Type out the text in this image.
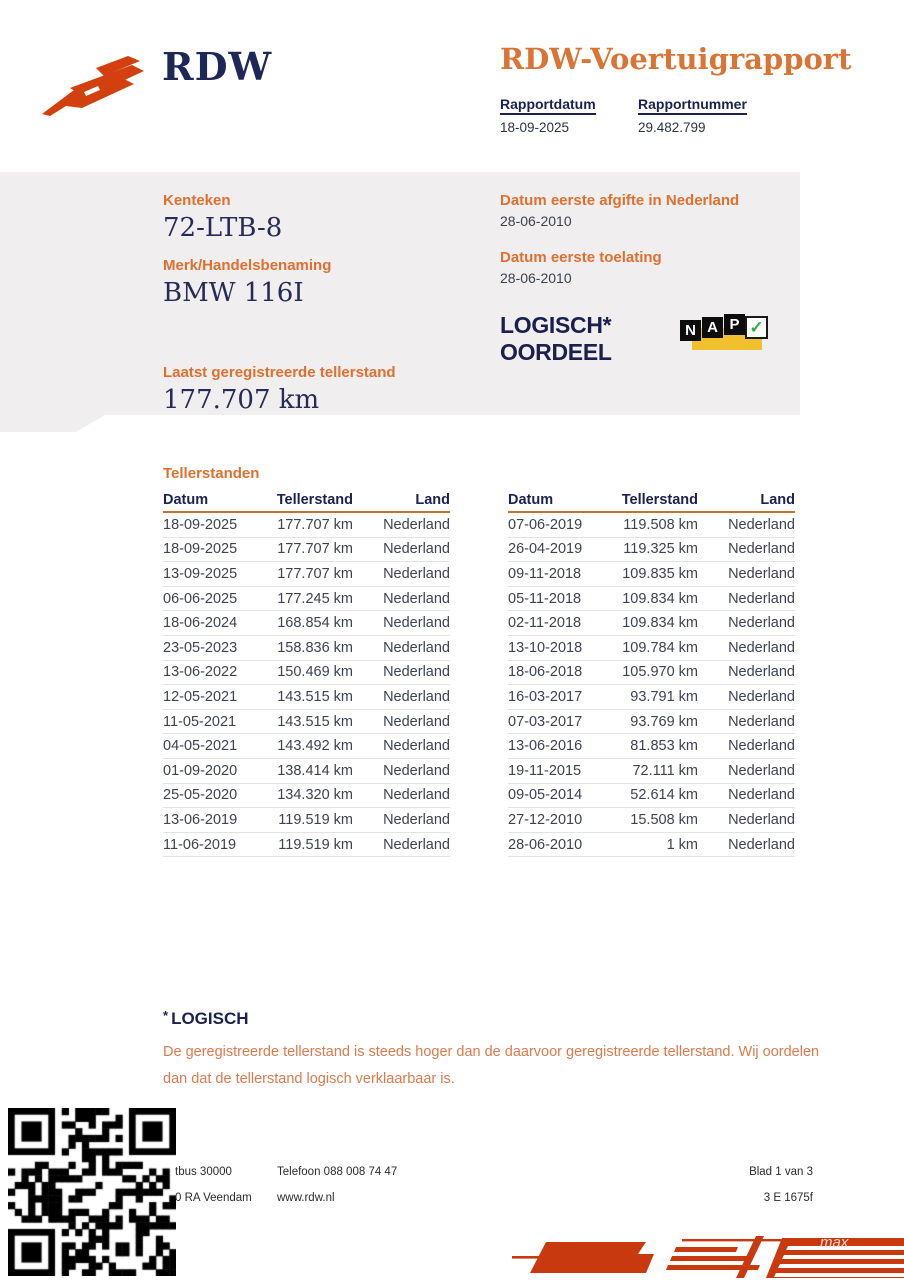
RDW	RDW-Voertuigrapport
Rapportdatum
18-09-2025
Rapportnummer
29.482.799
Kenteken
72-LTB-8
Merk/Handelsbenaming
BMW 116I
Laatst geregistreerde tellerstand
177.707 km
Datum eerste afgifte in Nederland
28-06-2010
Datum eerste toelating
28-06-2010
LOGISCH*
OORDEEL
N A P ✓
Tellerstanden
Datum	Tellerstand	Land
18-09-2025	177.707 km	Nederland
18-09-2025	177.707 km	Nederland
13-09-2025	177.707 km	Nederland
06-06-2025	177.245 km	Nederland
18-06-2024	168.854 km	Nederland
23-05-2023	158.836 km	Nederland
13-06-2022	150.469 km	Nederland
12-05-2021	143.515 km	Nederland
11-05-2021	143.515 km	Nederland
04-05-2021	143.492 km	Nederland
01-09-2020	138.414 km	Nederland
25-05-2020	134.320 km	Nederland
13-06-2019	119.519 km	Nederland
11-06-2019	119.519 km	Nederland
Datum	Tellerstand	Land
07-06-2019	119.508 km	Nederland
26-04-2019	119.325 km	Nederland
09-11-2018	109.835 km	Nederland
05-11-2018	109.834 km	Nederland
02-11-2018	109.834 km	Nederland
13-10-2018	109.784 km	Nederland
18-06-2018	105.970 km	Nederland
16-03-2017	93.791 km	Nederland
07-03-2017	93.769 km	Nederland
13-06-2016	81.853 km	Nederland
19-11-2015	72.111 km	Nederland
09-05-2014	52.614 km	Nederland
27-12-2010	15.508 km	Nederland
28-06-2010	1 km	Nederland
* LOGISCH
De geregistreerde tellerstand is steeds hoger dan de daarvoor geregistreerde tellerstand. Wij oordelen dan dat de tellerstand logisch verklaarbaar is.
tbus 30000
0 RA Veendam
Telefoon 088 008 74 47
www.rdw.nl
Blad 1 van 3
3 E 1675f
max
